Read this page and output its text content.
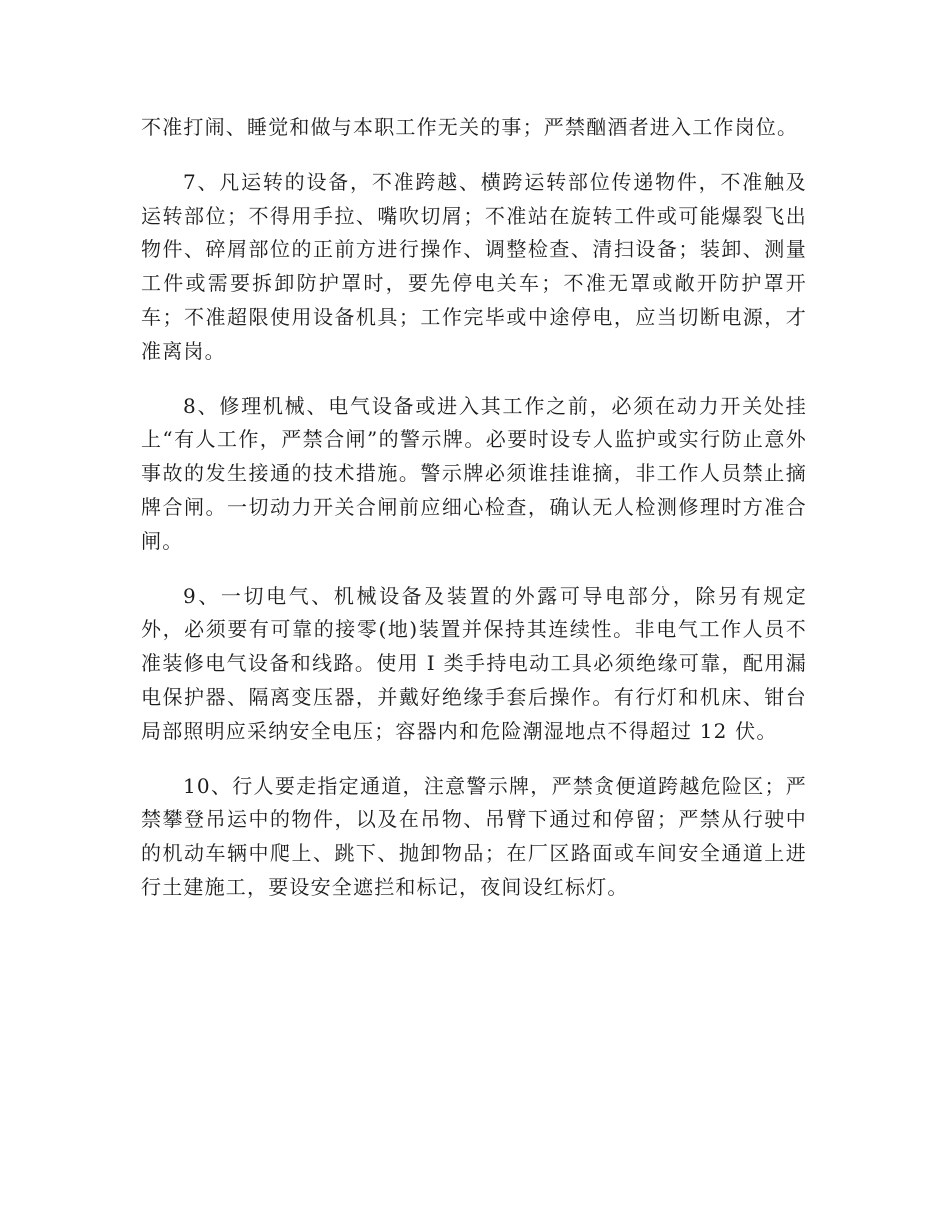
不准打闹、睡觉和做与本职工作无关的事；严禁酗酒者进入工作岗位。

7、凡运转的设备，不准跨越、横跨运转部位传递物件，不准触及运转部位；不得用手拉、嘴吹切屑；不准站在旋转工件或可能爆裂飞出物件、碎屑部位的正前方进行操作、调整检查、清扫设备；装卸、测量工件或需要拆卸防护罩时，要先停电关车；不准无罩或敞开防护罩开车；不准超限使用设备机具；工作完毕或中途停电，应当切断电源，才准离岗。

8、修理机械、电气设备或进入其工作之前，必须在动力开关处挂上“有人工作，严禁合闸”的警示牌。必要时设专人监护或实行防止意外事故的发生接通的技术措施。警示牌必须谁挂谁摘，非工作人员禁止摘牌合闸。一切动力开关合闸前应细心检查，确认无人检测修理时方准合闸。

9、一切电气、机械设备及装置的外露可导电部分，除另有规定外，必须要有可靠的接零(地)装置并保持其连续性。非电气工作人员不准装修电气设备和线路。使用 I 类手持电动工具必须绝缘可靠，配用漏电保护器、隔离变压器，并戴好绝缘手套后操作。有行灯和机床、钳台局部照明应采纳安全电压；容器内和危险潮湿地点不得超过 12 伏。

10、行人要走指定通道，注意警示牌，严禁贪便道跨越危险区；严禁攀登吊运中的物件，以及在吊物、吊臂下通过和停留；严禁从行驶中的机动车辆中爬上、跳下、抛卸物品；在厂区路面或车间安全通道上进行土建施工，要设安全遮拦和标记，夜间设红标灯。
